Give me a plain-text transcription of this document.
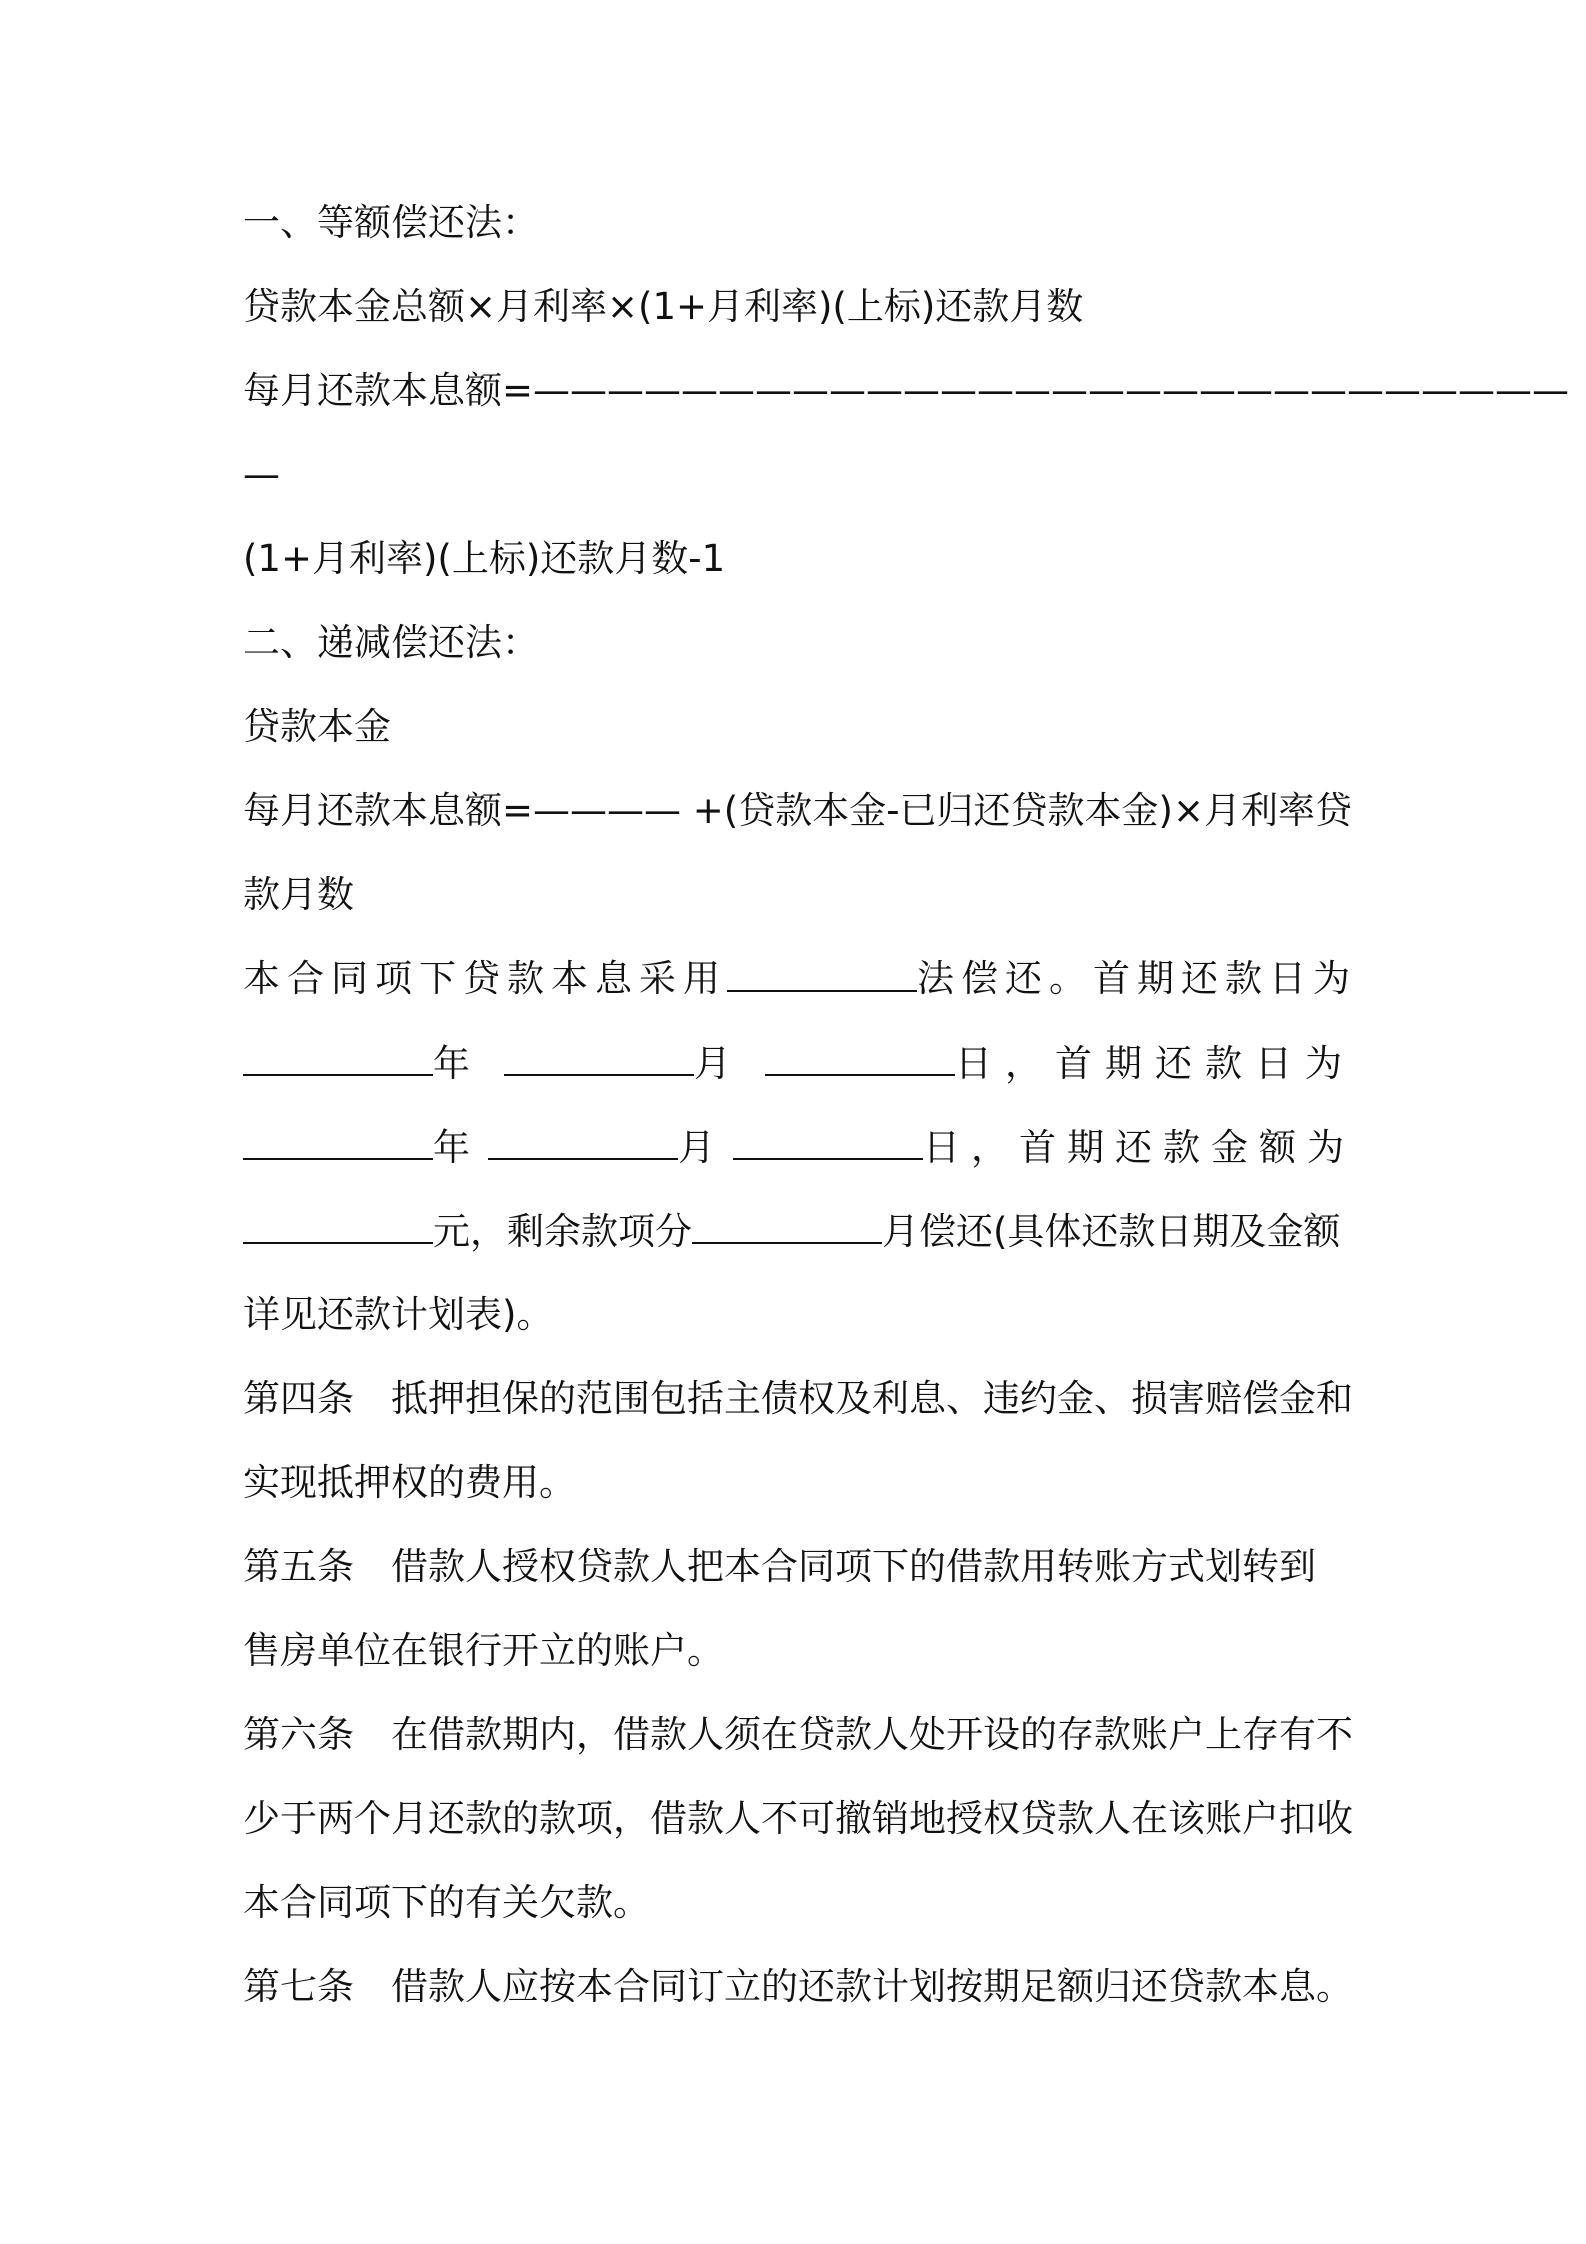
一、等额偿还法：
贷款本金总额×月利率×(1+月利率)(上标)还款月数
每月还款本息额=————————————————————————————
—
(1+月利率)(上标)还款月数-1
二、递减偿还法：
贷款本金
每月还款本息额=———— +(贷款本金-已归还贷款本金)×月利率贷
款月数
本合同项下贷款本息采用	法偿还。首期还款日为
年	月	日，首期还款日为
年	月	日，首期还款金额为
元，剩余款项分	月偿还(具体还款日期及金额
详见还款计划表)。
第四条 抵押担保的范围包括主债权及利息、违约金、损害赔偿金和
实现抵押权的费用。
第五条 借款人授权贷款人把本合同项下的借款用转账方式划转到
售房单位在银行开立的账户。
第六条 在借款期内，借款人须在贷款人处开设的存款账户上存有不
少于两个月还款的款项，借款人不可撤销地授权贷款人在该账户扣收
本合同项下的有关欠款。
第七条 借款人应按本合同订立的还款计划按期足额归还贷款本息。
